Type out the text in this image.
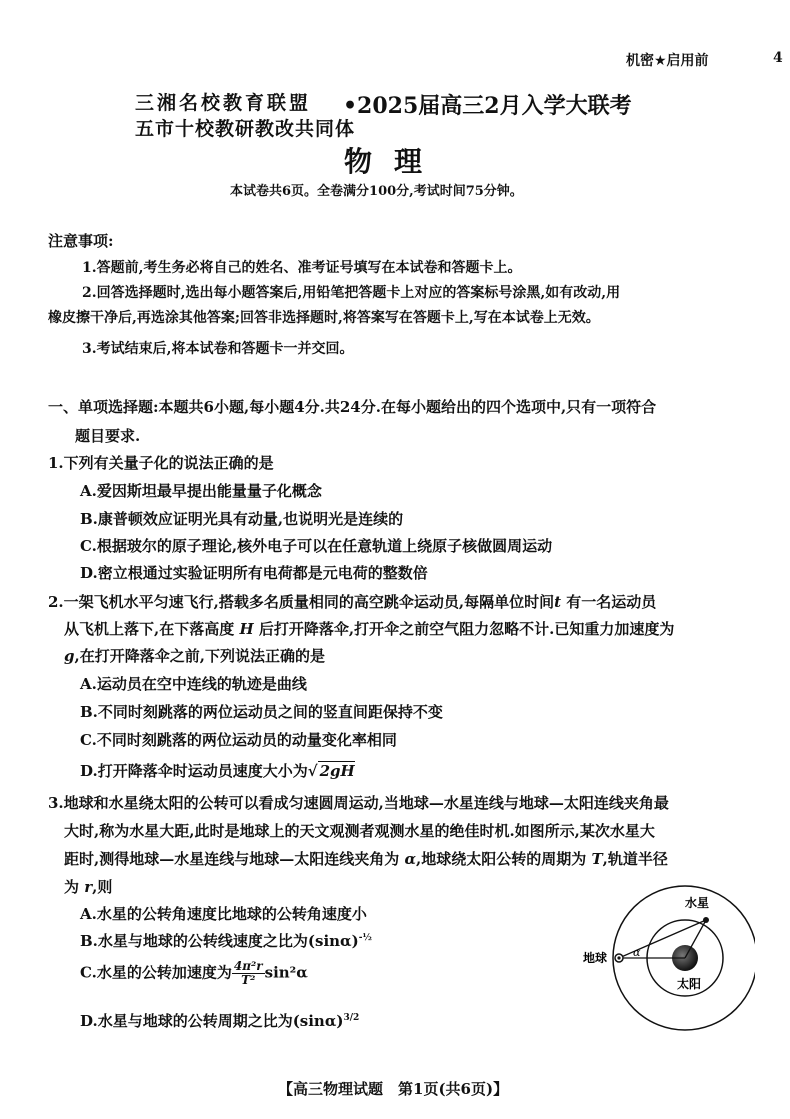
机密★启用前	4
三湘名校教育联盟
五市十校教研教改共同体
•2025届高三2月入学大联考
物理
本试卷共6页。全卷满分100分,考试时间75分钟。
注意事项:
1.答题前,考生务必将自己的姓名、准考证号填写在本试卷和答题卡上。
2.回答选择题时,选出每小题答案后,用铅笔把答题卡上对应的答案标号涂黑,如有改动,用
橡皮擦干净后,再选涂其他答案;回答非选择题时,将答案写在答题卡上,写在本试卷上无效。
3.考试结束后,将本试卷和答题卡一并交回。
一、单项选择题:本题共6小题,每小题4分.共24分.在每小题给出的四个选项中,只有一项符合
题目要求.
1.下列有关量子化的说法正确的是
A.爱因斯坦最早提出能量量子化概念
B.康普顿效应证明光具有动量,也说明光是连续的
C.根据玻尔的原子理论,核外电子可以在任意轨道上绕原子核做圆周运动
D.密立根通过实验证明所有电荷都是元电荷的整数倍
2.一架飞机水平匀速飞行,搭载多名质量相同的高空跳伞运动员,每隔单位时间t 有一名运动员
从飞机上落下,在下落高度 H 后打开降落伞,打开伞之前空气阻力忽略不计.已知重力加速度为
g,在打开降落伞之前,下列说法正确的是
A.运动员在空中连线的轨迹是曲线
B.不同时刻跳落的两位运动员之间的竖直间距保持不变
C.不同时刻跳落的两位运动员的动量变化率相同
D.打开降落伞时运动员速度大小为√ 2gH
3.地球和水星绕太阳的公转可以看成匀速圆周运动,当地球—水星连线与地球—太阳连线夹角最
大时,称为水星大距,此时是地球上的天文观测者观测水星的绝佳时机.如图所示,某次水星大
距时,测得地球—水星连线与地球—太阳连线夹角为 α,地球绕太阳公转的周期为 T,轨道半径
为 r,则
A.水星的公转角速度比地球的公转角速度小
B.水星与地球的公转线速度之比为$(\sin\alpha)^{-\frac{1}{2}}$
C.水星的公转加速度为 $\frac{\text{4π²r}}{\text{T²}} \sin^2\alpha$
D.水星与地球的公转周期之比为$(\sin\alpha)^{3/2}$
水星
地球
太阳
α
【高三物理试题　第1页(共6页)】
